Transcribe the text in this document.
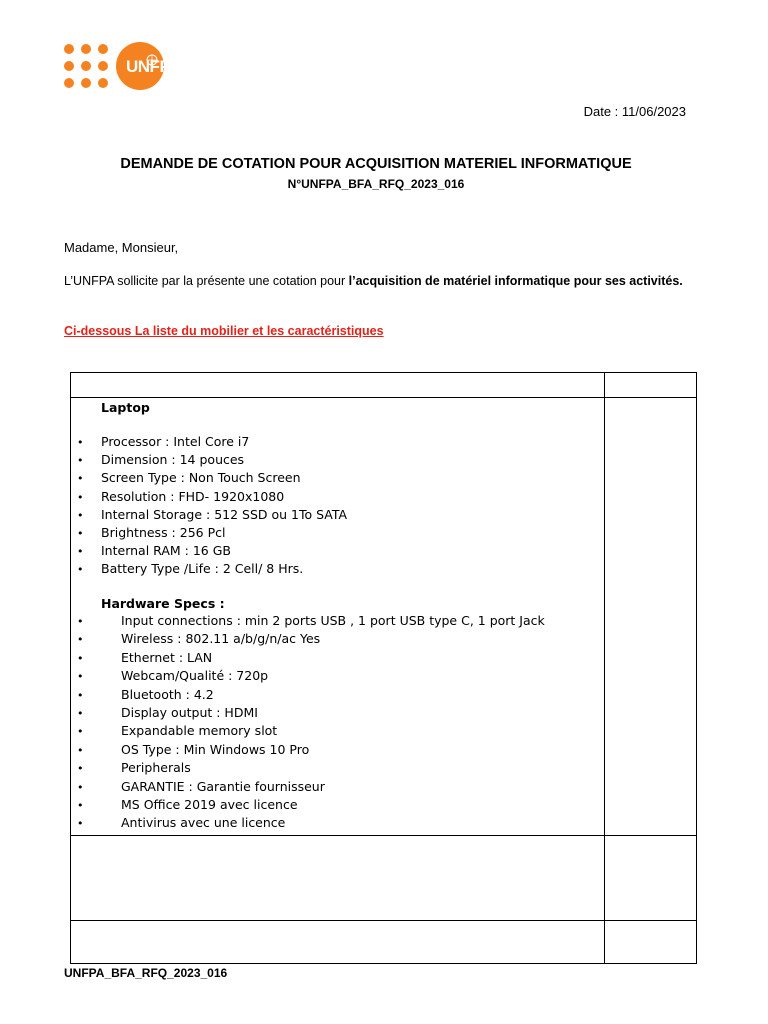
UNFPA
Date : 11/06/2023
DEMANDE DE COTATION POUR ACQUISITION MATERIEL INFORMATIQUE
N°UNFPA_BFA_RFQ_2023_016
Madame, Monsieur,
L’UNFPA sollicite par la présente une cotation pour l’acquisition de matériel informatique pour ses activités.
Ci-dessous La liste du mobilier et les caractéristiques
Laptop
• Processor : Intel Core i7
• Dimension : 14 pouces
• Screen Type : Non Touch Screen
• Resolution : FHD- 1920x1080
• Internal Storage : 512 SSD ou 1To SATA
• Brightness : 256 Pcl
• Internal RAM : 16 GB
• Battery Type /Life : 2 Cell/ 8 Hrs.
Hardware Specs :
•	Input connections : min 2 ports USB , 1 port USB type C, 1 port Jack
•	Wireless : 802.11 a/b/g/n/ac Yes
•	Ethernet : LAN
•	Webcam/Qualité : 720p
•	Bluetooth : 4.2
•	Display output : HDMI
•	Expandable memory slot
•	OS Type : Min Windows 10 Pro
•	Peripherals
•	GARANTIE : Garantie fournisseur
•	MS Office 2019 avec licence
•	Antivirus avec une licence
UNFPA_BFA_RFQ_2023_016
